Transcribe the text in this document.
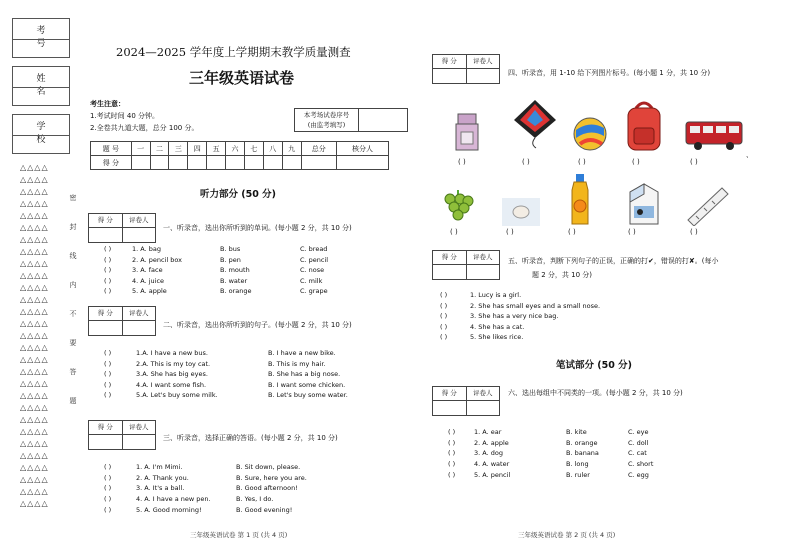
考 号
姓 名
学 校
△△△△
△△△△
△△△△
△△△△
△△△△
△△△△
△△△△
△△△△
△△△△
△△△△
△△△△
△△△△
△△△△
△△△△
△△△△
△△△△
△△△△
△△△△
△△△△
△△△△
△△△△
△△△△
△△△△
△△△△
△△△△
△△△△
△△△△
△△△△
△△△△
密
封
线
内
不
要
答
题
2024—2025 学年度上学期期末教学质量测查
三年级英语试卷
考生注意：
1.考试时间 40 分钟。
2.全卷共九道大题，总分 100 分。
本考场试卷序号
(由监考填写)
题 号	一	二	三	四	五	六	七	八	九	总分	核分人
得 分											
听力部分 (50 分)
得 分	评卷人
一、听录音，选出你所听到的单词。(每小题 2 分，共 10 分)
( )	1. A. bag	B. bus	C. bread
( )	2. A. pencil box	B. pen	C. pencil
( )	3. A. face	B. mouth	C. nose
( )	4. A. juice	B. water	C. milk
( )	5. A. apple	B. orange	C. grape
得 分	评卷人
二、听录音，选出你所听到的句子。(每小题 2 分，共 10 分)
( )	1.A. I have a new bus.	B. I have a new bike.
( )	2.A. This is my toy cat.	B. This is my hair.
( )	3.A. She has big eyes.	B. She has a big nose.
( )	4.A. I want some fish.	B. I want some chicken.
( )	5.A. Let's buy some milk.	B. Let's buy some water.
得 分	评卷人
三、听录音，选择正确的答语。(每小题 2 分，共 10 分)
( )	1. A. I'm Mimi.	B. Sit down, please.
( )	2. A. Thank you.	B. Sure, here you are.
( )	3. A. It's a ball.	B. Good afternoon!
( )	4. A. I have a new pen.	B. Yes, I do.
( )	5. A. Good morning!	B. Good evening!
三年级英语试卷 第 1 页 (共 4 页)
得 分	评卷人
四、听录音，用 1-10 给下列图片标号。(每小题 1 分，共 10 分)
( )	( )	( )	( )	( )
、
( )	( )	( )	( )	( )
得 分	评卷人	五、听录音，判断下列句子的正误，正确的打✔，错误的打✘。(每小
题 2 分，共 10 分)
( )	1. Lucy is a girl.
( )	2. She has small eyes and a small nose.
( )	3. She has a very nice bag.
( )	4. She has a cat.
( )	5. She likes rice.
笔试部分 (50 分)
得 分	评卷人	六、选出每组中不同类的一项。(每小题 2 分，共 10 分)
( )	1. A. ear	B. kite	C. eye
( )	2. A. apple	B. orange	C. doll
( )	3. A. dog	B. banana	C. cat
( )	4. A. water	B. long	C. short
( )	5. A. pencil	B. ruler	C. egg
三年级英语试卷 第 2 页 (共 4 页)
